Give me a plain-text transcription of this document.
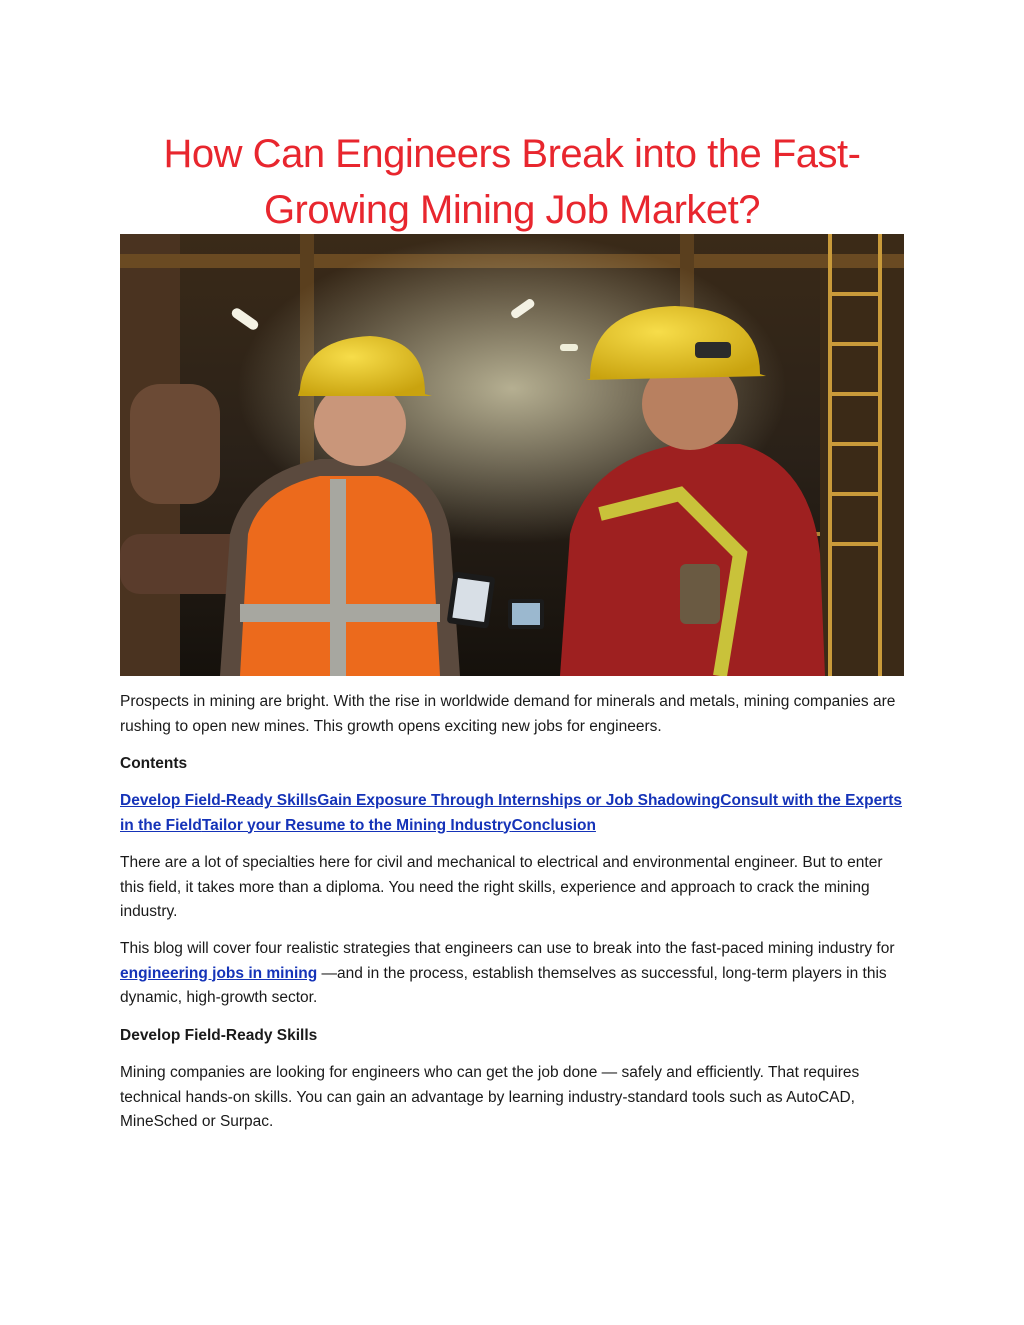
How Can Engineers Break into the Fast-Growing Mining Job Market?

Prospects in mining are bright. With the rise in worldwide demand for minerals and metals, mining companies are rushing to open new mines. This growth opens exciting new jobs for engineers.

Contents

Develop Field-Ready SkillsGain Exposure Through Internships or Job ShadowingConsult with the Experts in the FieldTailor your Resume to the Mining IndustryConclusion

There are a lot of specialties here for civil and mechanical to electrical and environmental engineer. But to enter this field, it takes more than a diploma. You need the right skills, experience and approach to crack the mining industry.

This blog will cover four realistic strategies that engineers can use to break into the fast-paced mining industry for engineering jobs in mining —and in the process, establish themselves as successful, long-term players in this dynamic, high-growth sector.

Develop Field-Ready Skills

Mining companies are looking for engineers who can get the job done — safely and efficiently. That requires technical hands-on skills. You can gain an advantage by learning industry-standard tools such as AutoCAD, MineSched or Surpac.
